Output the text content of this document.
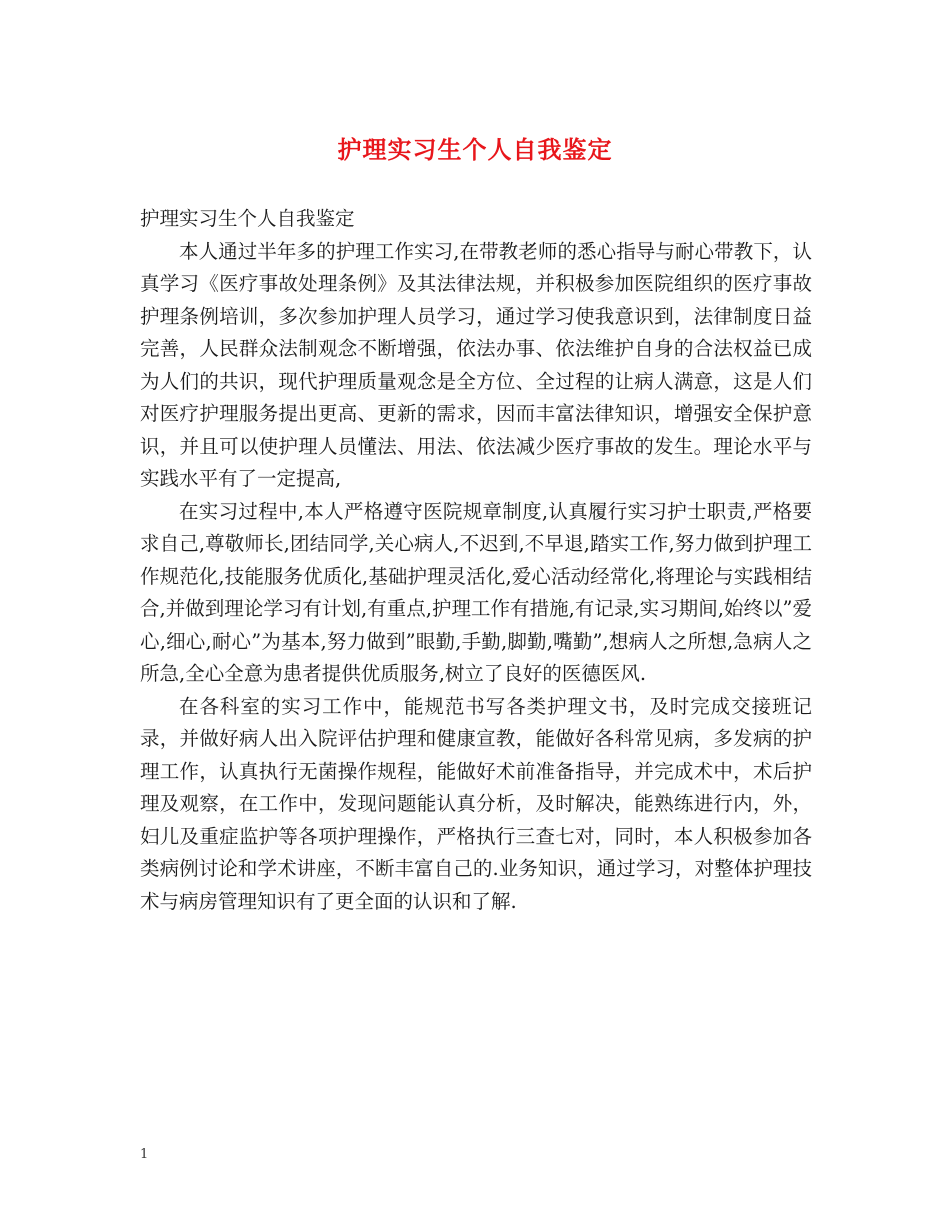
护理实习生个人自我鉴定

护理实习生个人自我鉴定

本人通过半年多的护理工作实习,在带教老师的悉心指导与耐心带教下，认真学习《医疗事故处理条例》及其法律法规，并积极参加医院组织的医疗事故护理条例培训，多次参加护理人员学习，通过学习使我意识到，法律制度日益完善，人民群众法制观念不断增强，依法办事、依法维护自身的合法权益已成为人们的共识，现代护理质量观念是全方位、全过程的让病人满意，这是人们对医疗护理服务提出更高、更新的需求，因而丰富法律知识，增强安全保护意识，并且可以使护理人员懂法、用法、依法减少医疗事故的发生。理论水平与实践水平有了一定提高,

在实习过程中,本人严格遵守医院规章制度,认真履行实习护士职责,严格要求自己,尊敬师长,团结同学,关心病人,不迟到,不早退,踏实工作,努力做到护理工作规范化,技能服务优质化,基础护理灵活化,爱心活动经常化,将理论与实践相结合,并做到理论学习有计划,有重点,护理工作有措施,有记录,实习期间,始终以”爱心,细心,耐心”为基本,努力做到”眼勤,手勤,脚勤,嘴勤”,想病人之所想,急病人之所急,全心全意为患者提供优质服务,树立了良好的医德医风.

在各科室的实习工作中，能规范书写各类护理文书，及时完成交接班记录，并做好病人出入院评估护理和健康宣教，能做好各科常见病，多发病的护理工作，认真执行无菌操作规程，能做好术前准备指导，并完成术中，术后护理及观察，在工作中，发现问题能认真分析，及时解决，能熟练进行内，外，妇儿及重症监护等各项护理操作，严格执行三查七对，同时，本人积极参加各类病例讨论和学术讲座，不断丰富自己的.业务知识，通过学习，对整体护理技术与病房管理知识有了更全面的认识和了解.

1
